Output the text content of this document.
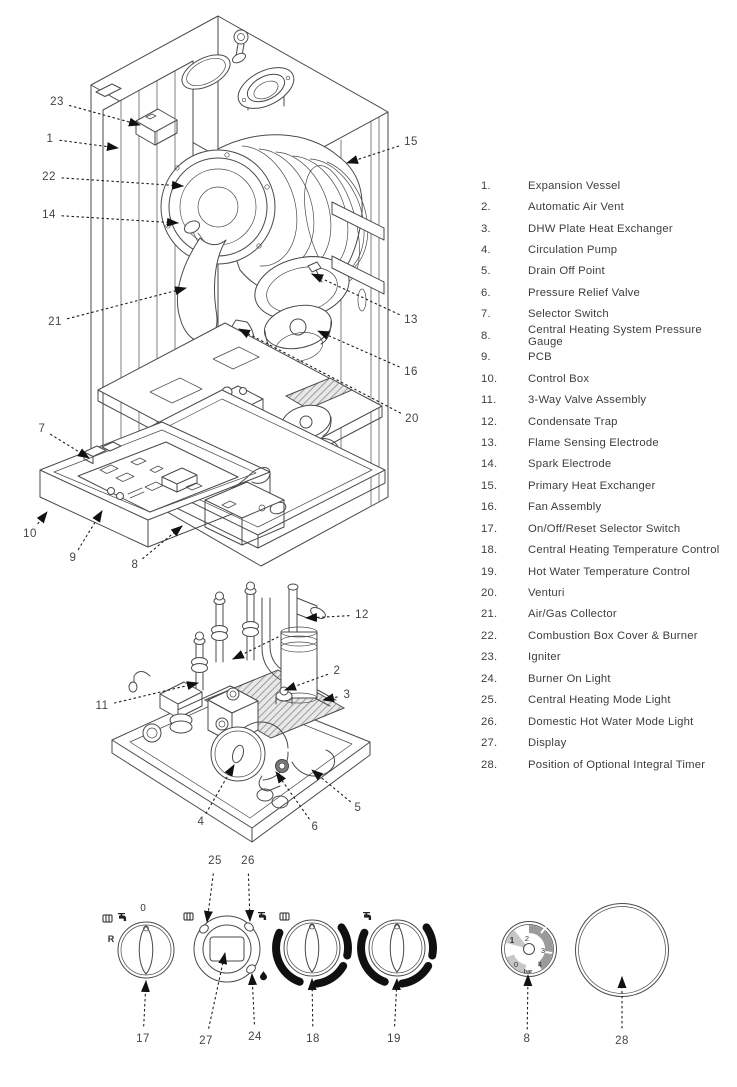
0
R	2
3
4
0
1
bar
1.	Expansion Vessel
2.	Automatic Air Vent
3.	DHW Plate Heat Exchanger
4.	Circulation Pump
5.	Drain Off Point
6.	Pressure Relief Valve
7.	Selector Switch
8.	Central Heating System Pressure Gauge
9.	PCB
10.	Control Box
11.	3-Way Valve Assembly
12.	Condensate Trap
13.	Flame Sensing Electrode
14.	Spark Electrode
15.	Primary Heat Exchanger
16.	Fan Assembly
17.	On/Off/Reset Selector Switch
18.	Central Heating Temperature Control
19.	Hot Water Temperature Control
20.	Venturi
21.	Air/Gas Collector
22.	Combustion Box Cover & Burner
23.	Igniter
24.	Burner On Light
25.	Central Heating Mode Light
26.	Domestic Hot Water Mode Light
27.	Display
28.	Position of Optional Integral Timer
23
1
22
14
21
15
13
16
20
7
10
9
8
12
2
3
11
4	6
5
25 26
17	27	24	18	19	8	28
